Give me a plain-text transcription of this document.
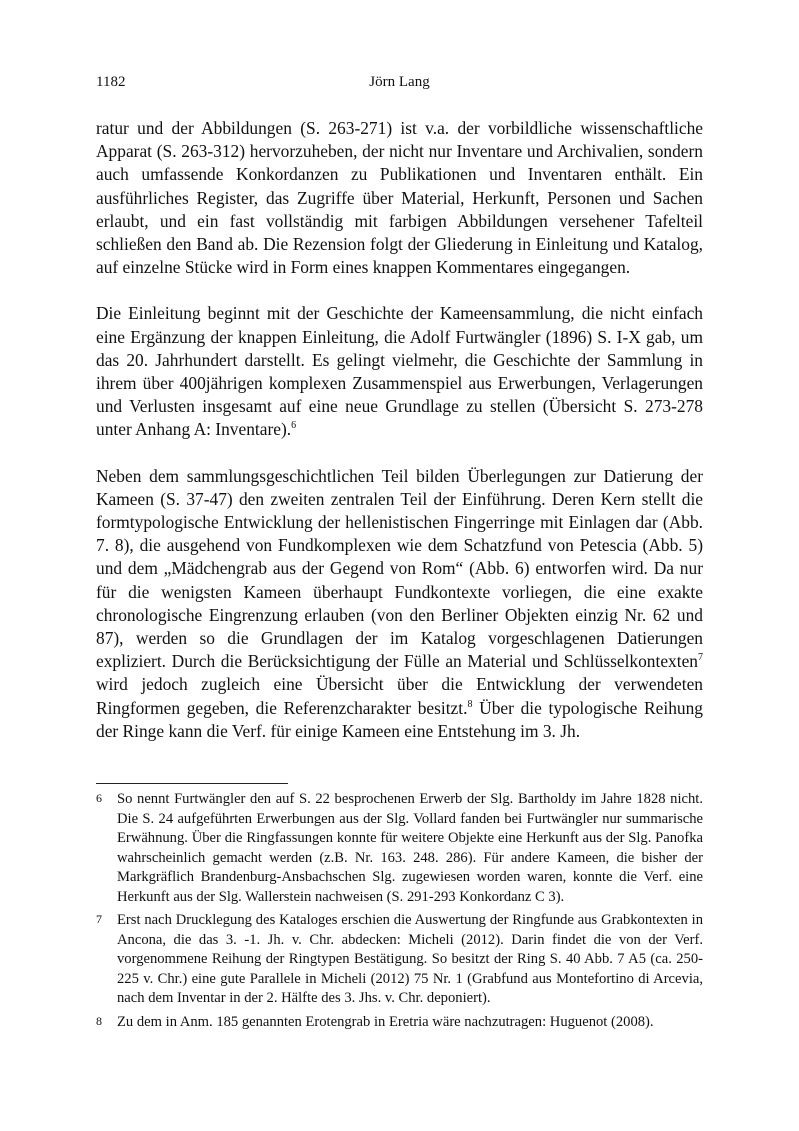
1182	Jörn Lang

ratur und der Abbildungen (S. 263-271) ist v.a. der vorbildliche wissenschaftliche Apparat (S. 263-312) hervorzuheben, der nicht nur Inventare und Archivalien, sondern auch umfassende Konkordanzen zu Publikationen und Inventaren enthält. Ein ausführliches Register, das Zugriffe über Material, Herkunft, Personen und Sachen erlaubt, und ein fast vollständig mit farbigen Abbildungen versehener Tafelteil schließen den Band ab. Die Rezension folgt der Gliederung in Einleitung und Katalog, auf einzelne Stücke wird in Form eines knappen Kommentares eingegangen.

Die Einleitung beginnt mit der Geschichte der Kameensammlung, die nicht einfach eine Ergänzung der knappen Einleitung, die Adolf Furtwängler (1896) S. I-X gab, um das 20. Jahrhundert darstellt. Es gelingt vielmehr, die Geschichte der Sammlung in ihrem über 400jährigen komplexen Zusammenspiel aus Erwerbungen, Verlagerungen und Verlusten insgesamt auf eine neue Grundlage zu stellen (Übersicht S. 273-278 unter Anhang A: Inventare).$^6$

Neben dem sammlungsgeschichtlichen Teil bilden Überlegungen zur Datierung der Kameen (S. 37-47) den zweiten zentralen Teil der Einführung. Deren Kern stellt die formtypologische Entwicklung der hellenistischen Fingerringe mit Einlagen dar (Abb. 7. 8), die ausgehend von Fundkomplexen wie dem Schatzfund von Petescia (Abb. 5) und dem „Mädchengrab aus der Gegend von Rom“ (Abb. 6) entworfen wird. Da nur für die wenigsten Kameen überhaupt Fundkontexte vorliegen, die eine exakte chronologische Eingrenzung erlauben (von den Berliner Objekten einzig Nr. 62 und 87), werden so die Grundlagen der im Katalog vorgeschlagenen Datierungen expliziert. Durch die Berücksichtigung der Fülle an Material und Schlüsselkontexten$^7$ wird jedoch zugleich eine Übersicht über die Entwicklung der verwendeten Ringformen gegeben, die Referenzcharakter besitzt.$^8$ Über die typologische Reihung der Ringe kann die Verf. für einige Kameen eine Entstehung im 3. Jh.

6 So nennt Furtwängler den auf S. 22 besprochenen Erwerb der Slg. Bartholdy im Jahre 1828 nicht. Die S. 24 aufgeführten Erwerbungen aus der Slg. Vollard fanden bei Furtwängler nur summarische Erwähnung. Über die Ringfassungen konnte für weitere Objekte eine Herkunft aus der Slg. Panofka wahrscheinlich gemacht werden (z.B. Nr. 163. 248. 286). Für andere Kameen, die bisher der Markgräflich Brandenburg-Ansbachschen Slg. zugewiesen worden waren, konnte die Verf. eine Herkunft aus der Slg. Wallerstein nachweisen (S. 291-293 Konkordanz C 3).
7 Erst nach Drucklegung des Kataloges erschien die Auswertung der Ringfunde aus Grabkontexten in Ancona, die das 3. -1. Jh. v. Chr. abdecken: Micheli (2012). Darin findet die von der Verf. vorgenommene Reihung der Ringtypen Bestätigung. So besitzt der Ring S. 40 Abb. 7 A5 (ca. 250-225 v. Chr.) eine gute Parallele in Micheli (2012) 75 Nr. 1 (Grabfund aus Montefortino di Arcevia, nach dem Inventar in der 2. Hälfte des 3. Jhs. v. Chr. deponiert).
8 Zu dem in Anm. 185 genannten Erotengrab in Eretria wäre nachzutragen: Huguenot (2008).
